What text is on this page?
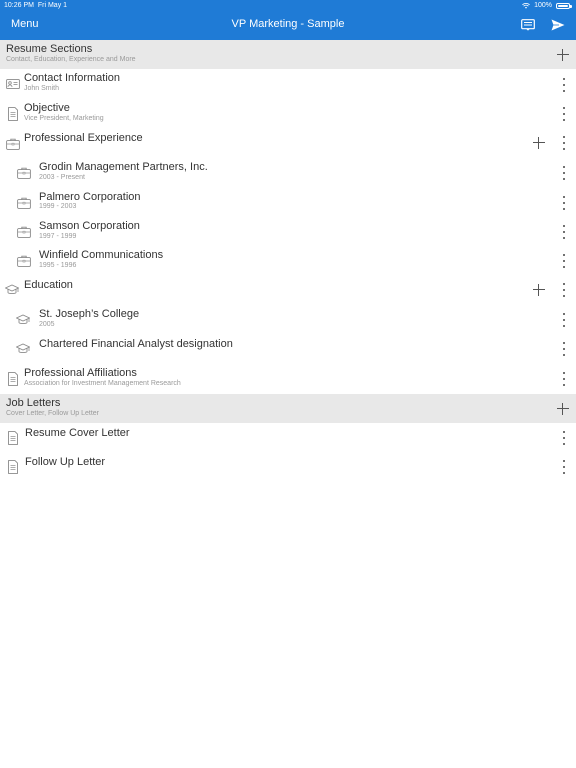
10:26 PM Fri May 1	100%
Menu	VP Marketing - Sample
Resume Sections
Contact, Education, Experience and More
Contact Information
John Smith
Objective
Vice President, Marketing
Professional Experience
Grodin Management Partners, Inc.
2003 - Present
Palmero Corporation
1999 - 2003
Samson Corporation
1997 - 1999
Winfield Communications
1995 - 1996
Education
St. Joseph’s College
2005
Chartered Financial Analyst designation
Professional Affiliations
Association for Investment Management Research
Job Letters
Cover Letter, Follow Up Letter
Resume Cover Letter
Follow Up Letter
